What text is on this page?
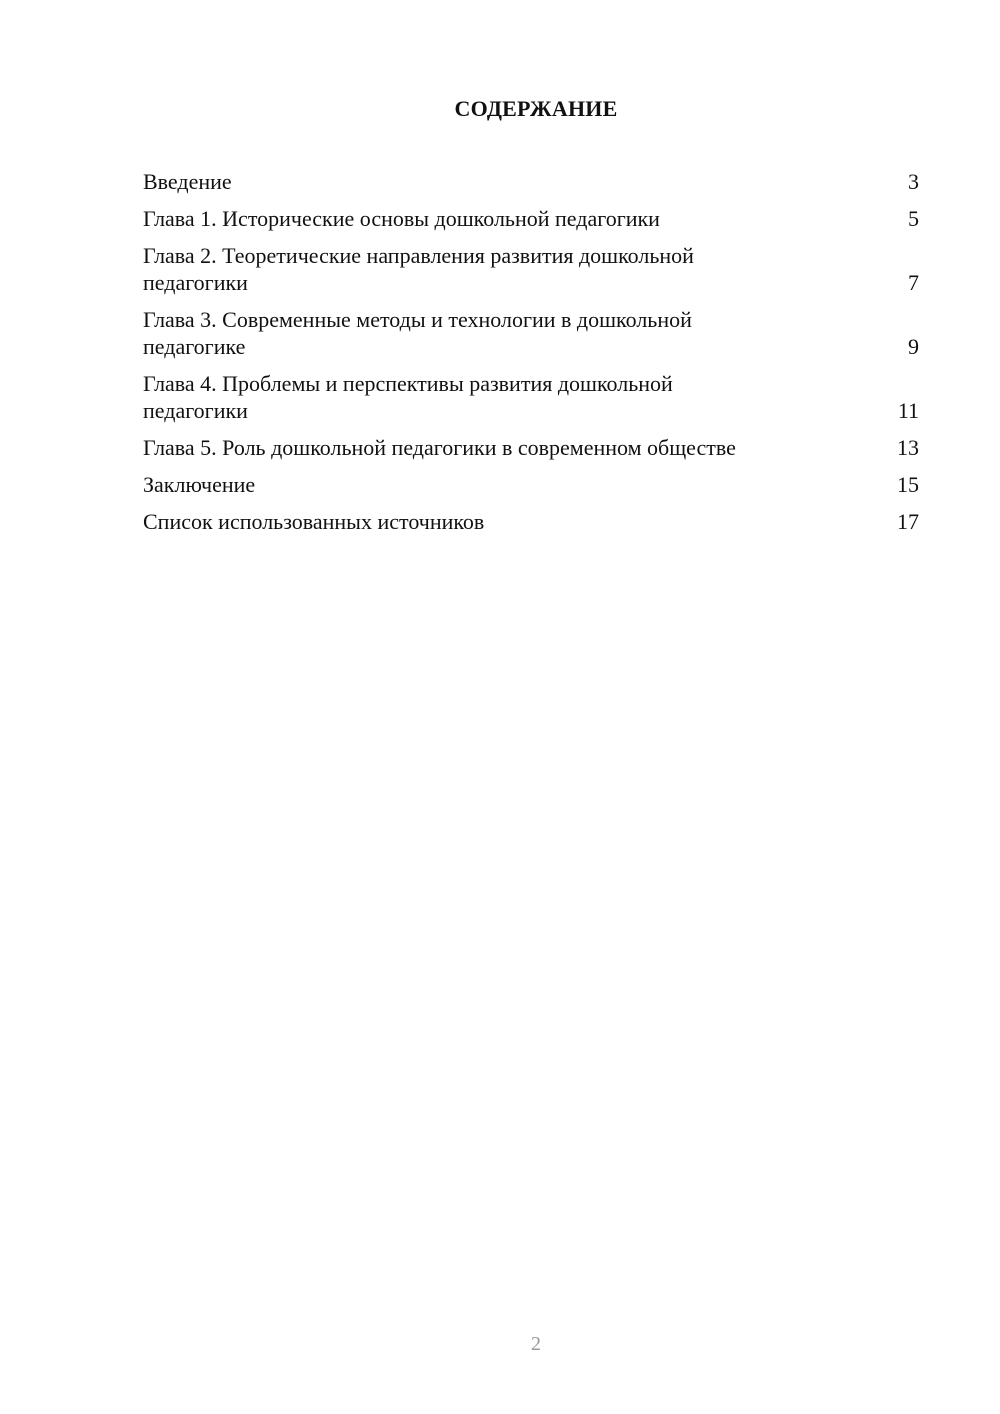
СОДЕРЖАНИЕ
Введение	3
Глава 1. Исторические основы дошкольной педагогики	5
Глава 2. Теоретические направления развития дошкольной педагогики	7
Глава 3. Современные методы и технологии в дошкольной педагогике	9
Глава 4. Проблемы и перспективы развития дошкольной педагогики	11
Глава 5. Роль дошкольной педагогики в современном обществе	13
Заключение	15
Список использованных источников	17
2
